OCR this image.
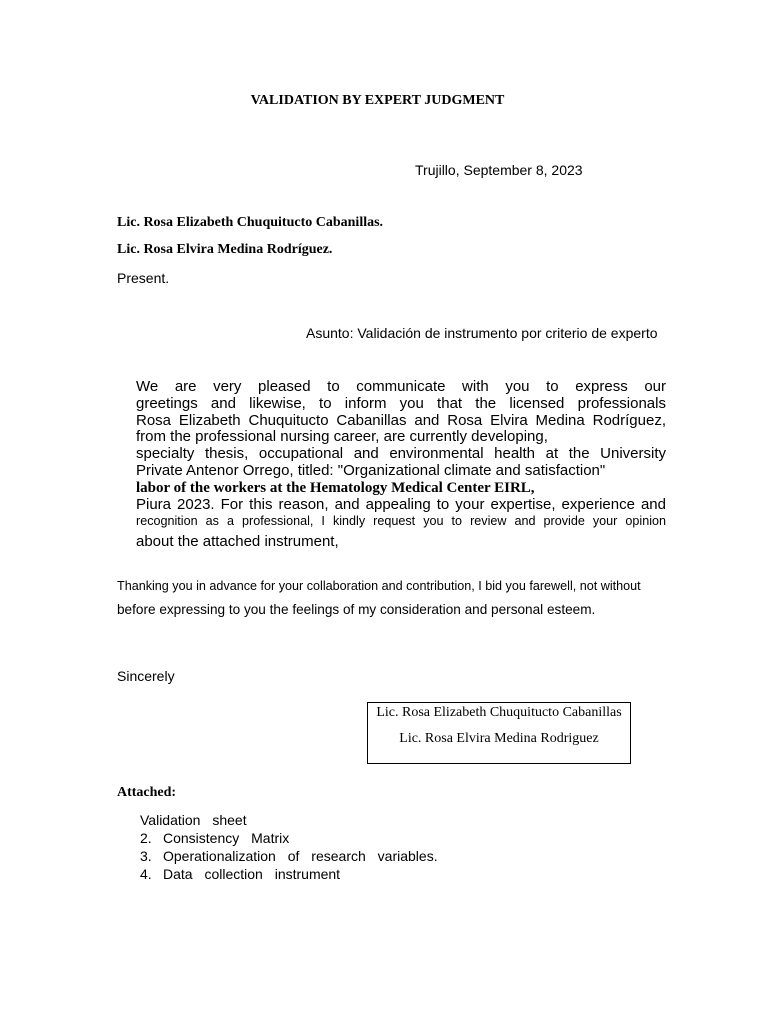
VALIDATION BY EXPERT JUDGMENT
Trujillo, September 8, 2023
Lic. Rosa Elizabeth Chuquitucto Cabanillas.
Lic. Rosa Elvira Medina Rodríguez.
Present.
Asunto: Validación de instrumento por criterio de experto
We are very pleased to communicate with you to express our
greetings and likewise, to inform you that the licensed professionals
Rosa Elizabeth Chuquitucto Cabanillas and Rosa Elvira Medina Rodríguez,
from the professional nursing career, are currently developing,
specialty thesis, occupational and environmental health at the University
Private Antenor Orrego, titled: "Organizational climate and satisfaction"
labor of the workers at the Hematology Medical Center EIRL,
Piura 2023. For this reason, and appealing to your expertise, experience and
recognition as a professional, I kindly request you to review and provide your opinion
about the attached instrument,
Thanking you in advance for your collaboration and contribution, I bid you farewell, not without
before expressing to you the feelings of my consideration and personal esteem.
Sincerely
Lic. Rosa Elizabeth Chuquitucto Cabanillas
Lic. Rosa Elvira Medina Rodriguez
Attached:
Validation sheet
2. Consistency Matrix
3. Operationalization of research variables.
4. Data collection instrument
